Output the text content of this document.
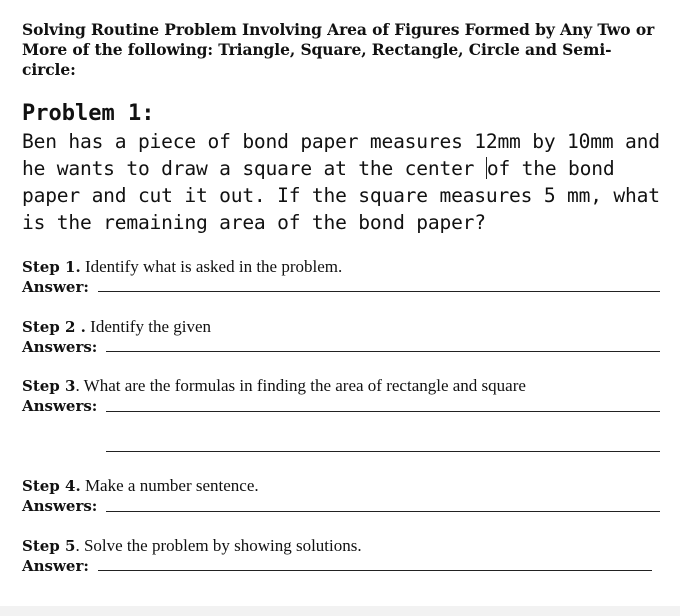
Solving Routine Problem Involving Area of Figures Formed by Any Two or More of the following: Triangle, Square, Rectangle, Circle and Semi-circle:
Problem 1:
Ben has a piece of bond paper measures 12mm by 10mm and he wants to draw a square at the center of the bond paper and cut it out. If the square measures 5 mm, what is the remaining area of the bond paper?
Step 1. Identify what is asked in the problem.
Answer:
Step 2 . Identify the given
Answers:
Step 3. What are the formulas in finding the area of rectangle and square
Answers:
Step 4. Make a number sentence.
Answers:
Step 5. Solve the problem by showing solutions.
Answer:
